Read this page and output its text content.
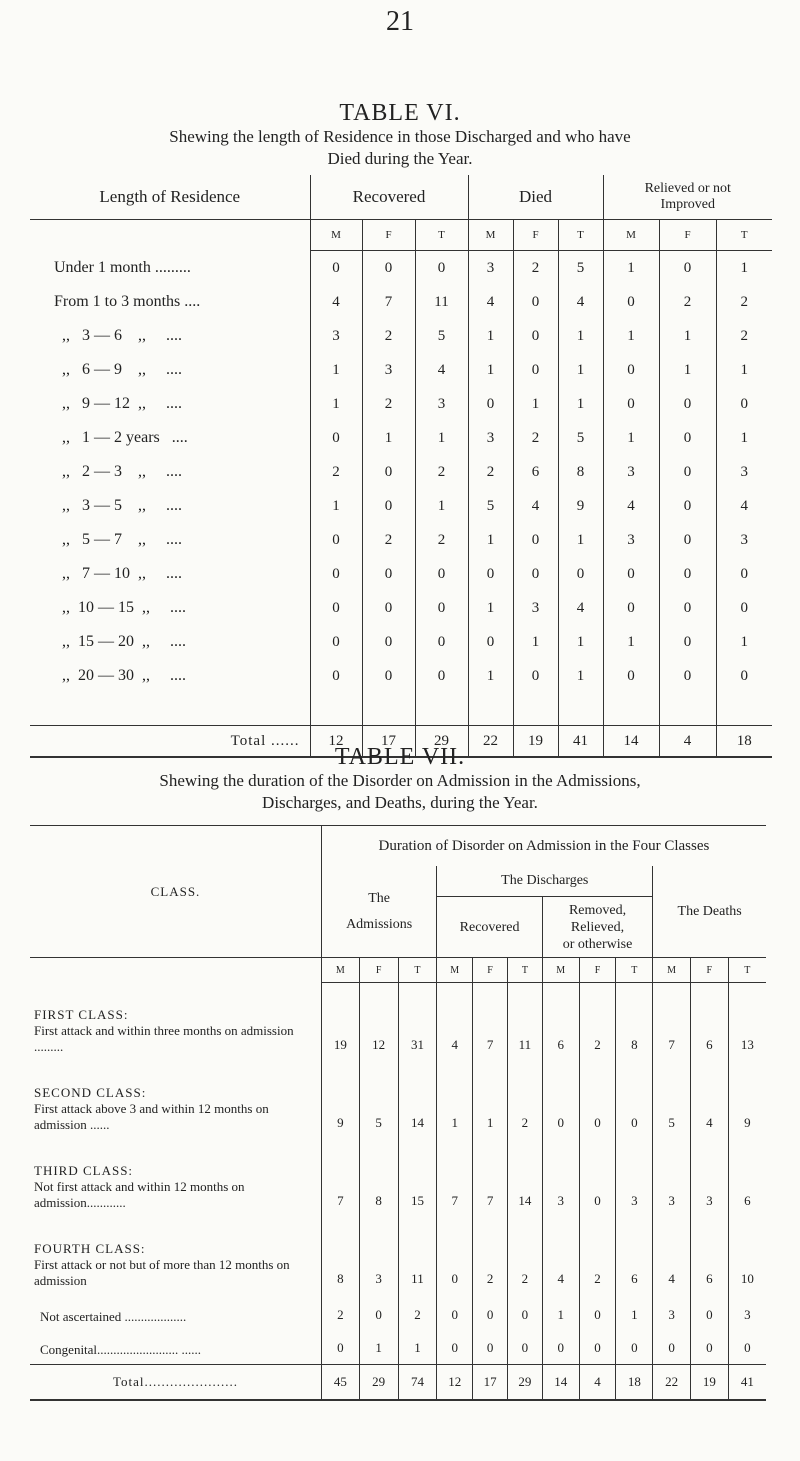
21
TABLE VI.
Shewing the length of Residence in those Discharged and who have
Died during the Year.
Length of Residence	Recovered			Died			Relieved or not
Improved		
	M	F	T	M	F	T	M	F	T
Under 1 month .........	0	0	0	3	2	5	1	0	1
From 1 to 3 months ....	4	7	11	4	0	4	0	2	2
,,   3 — 6    ,,     ....	3	2	5	1	0	1	1	1	2
,,   6 — 9    ,,     ....	1	3	4	1	0	1	0	1	1
,,   9 — 12  ,,     ....	1	2	3	0	1	1	0	0	0
,,   1 — 2 years   ....	0	1	1	3	2	5	1	0	1
,,   2 — 3    ,,     ....	2	0	2	2	6	8	3	0	3
,,   3 — 5    ,,     ....	1	0	1	5	4	9	4	0	4
,,   5 — 7    ,,     ....	0	2	2	1	0	1	3	0	3
,,   7 — 10  ,,     ....	0	0	0	0	0	0	0	0	0
,,  10 — 15  ,,     ....	0	0	0	1	3	4	0	0	0
,,  15 — 20  ,,     ....	0	0	0	0	1	1	1	0	1
,,  20 — 30  ,,     ....	0	0	0	1	0	1	0	0	0

Total ......	12	17	29	22	19	41	14	4	18
TABLE VII.
Shewing the duration of the Disorder on Admission in the Admissions,
Discharges, and Deaths, during the Year.
CLASS.	Duration of Disorder on Admission in the Four Classes											
	The
Admissions			The Discharges						The Deaths		
				Recovered			Removed,
Relieved,
or otherwise					
	M	F	T	M	F	T	M	F	T	M	F	T

FIRST CLASS:
First attack and within three months on admission .........	19	12	31	4	7	11	6	2	8	7	6	13

SECOND CLASS:
First attack above 3 and within 12 months on admission ......	9	5	14	1	1	2	0	0	0	5	4	9

THIRD CLASS:
Not first attack and within 12 months on admission............	7	8	15	7	7	14	3	0	3	3	3	6

FOURTH CLASS:
First attack or not but of more than 12 months on admission	8	3	11	0	2	2	4	2	6	4	6	10

Not ascertained ...................	2	0	2	0	0	0	1	0	1	3	0	3

Congenital......................... ......	0	1	1	0	0	0	0	0	0	0	0	0
Total......................	45	29	74	12	17	29	14	4	18	22	19	41
